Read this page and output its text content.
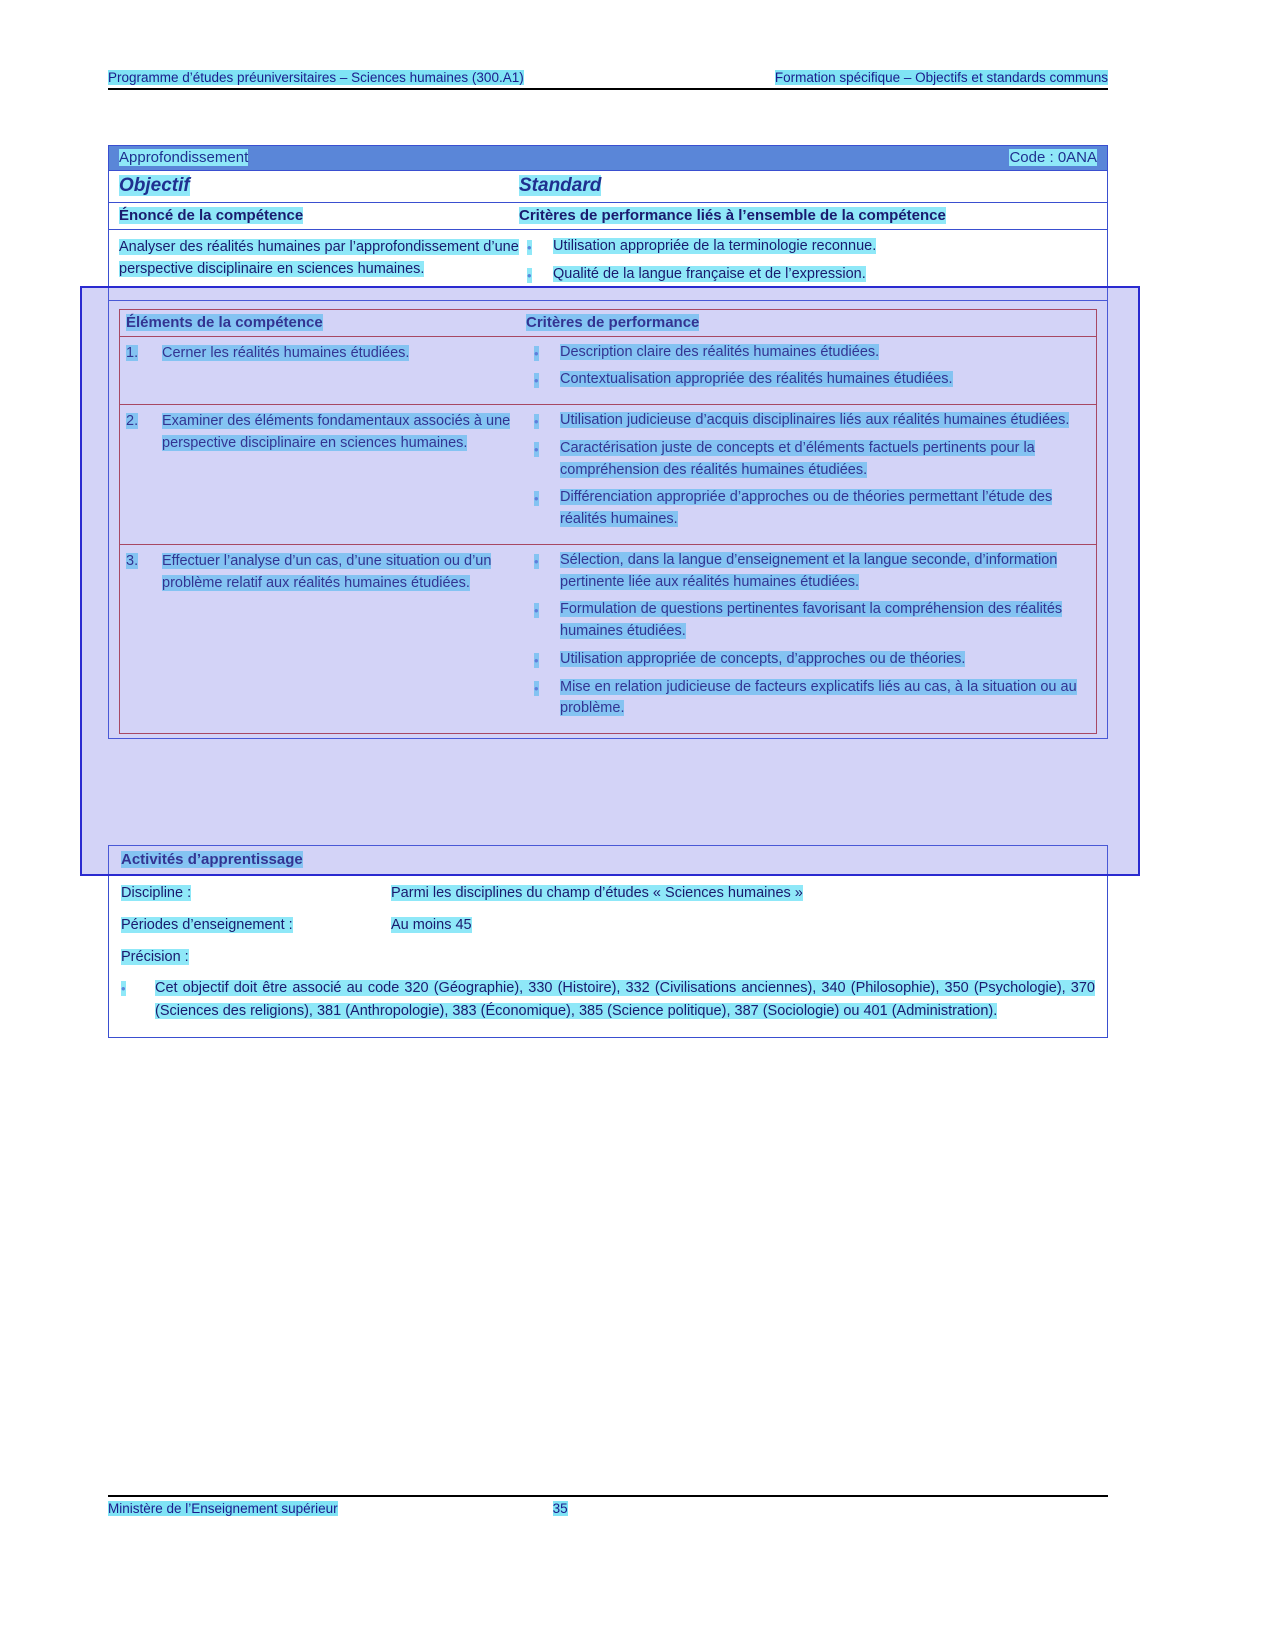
Programme d’études préuniversitaires – Sciences humaines (300.A1)	Formation spécifique – Objectifs et standards communs
Approfondissement	Code : 0ANA
Objectif	Standard
Énoncé de la compétence	Critères de performance liés à l’ensemble de la compétence
Analyser des réalités humaines par l’approfondissement d’une perspective disciplinaire en sciences humaines.
•	Utilisation appropriée de la terminologie reconnue.
•	Qualité de la langue française et de l’expression.
Éléments de la compétence	Critères de performance
1.	Cerner les réalités humaines étudiées.	•	Description claire des réalités humaines étudiées.
•	Contextualisation appropriée des réalités humaines étudiées.
2.	Examiner des éléments fondamentaux associés à une perspective disciplinaire en sciences humaines.
•	Utilisation judicieuse d’acquis disciplinaires liés aux réalités humaines étudiées.
•	Caractérisation juste de concepts et d’éléments factuels pertinents pour la compréhension des réalités humaines étudiées.
•	Différenciation appropriée d’approches ou de théories permettant l’étude des réalités humaines.
3.	Effectuer l’analyse d’un cas, d’une situation ou d’un problème relatif aux réalités humaines étudiées.
•	Sélection, dans la langue d’enseignement et la langue seconde, d’information pertinente liée aux réalités humaines étudiées.
•	Formulation de questions pertinentes favorisant la compréhension des réalités humaines étudiées.
•	Utilisation appropriée de concepts, d’approches ou de théories.
•	Mise en relation judicieuse de facteurs explicatifs liés au cas, à la situation ou au problème.
Activités d’apprentissage
Discipline :	Parmi les disciplines du champ d’études « Sciences humaines »
Périodes d’enseignement :	Au moins 45
Précision :
•	Cet objectif doit être associé au code 320 (Géographie), 330 (Histoire), 332 (Civilisations anciennes), 340 (Philosophie), 350 (Psychologie), 370 (Sciences des religions), 381 (Anthropologie), 383 (Économique), 385 (Science politique), 387 (Sociologie) ou 401 (Administration).
Ministère de l’Enseignement supérieur	35
